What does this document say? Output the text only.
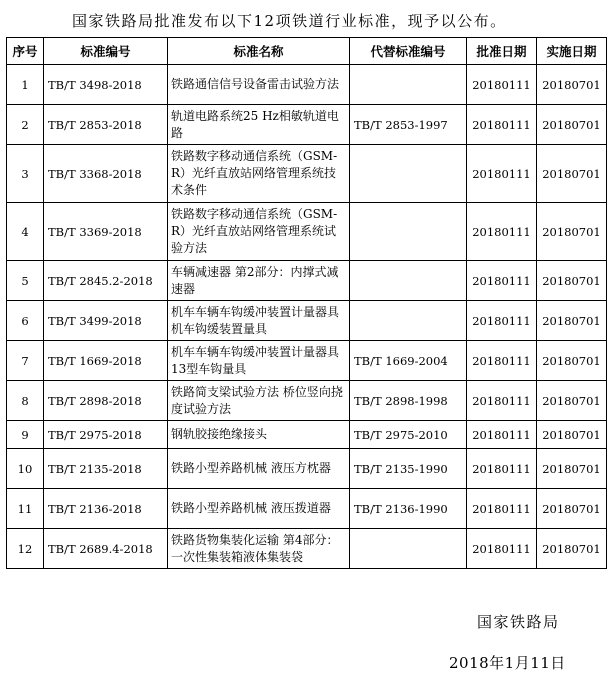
国家铁路局批准发布以下12项铁道行业标准，现予以公布。
序号	标准编号	标准名称	代替标准编号	批准日期	实施日期
1	TB/T 3498-2018	铁路通信信号设备雷击试验方法		20180111	20180701
2	TB/T 2853-2018	轨道电路系统25 Hz相敏轨道电路	TB/T 2853-1997	20180111	20180701
3	TB/T 3368-2018	铁路数字移动通信系统（GSM-R）光纤直放站网络管理系统技术条件		20180111	20180701
4	TB/T 3369-2018	铁路数字移动通信系统（GSM-R）光纤直放站网络管理系统试验方法		20180111	20180701
5	TB/T 2845.2-2018	车辆减速器 第2部分：内撑式减速器		20180111	20180701
6	TB/T 3499-2018	机车车辆车钩缓冲装置计量器具 机车钩缓装置量具		20180111	20180701
7	TB/T 1669-2018	机车车辆车钩缓冲装置计量器具 13型车钩量具	TB/T 1669-2004	20180111	20180701
8	TB/T 2898-2018	铁路简支梁试验方法 桥位竖向挠度试验方法	TB/T 2898-1998	20180111	20180701
9	TB/T 2975-2018	钢轨胶接绝缘接头	TB/T 2975-2010	20180111	20180701
10	TB/T 2135-2018	铁路小型养路机械 液压方枕器	TB/T 2135-1990	20180111	20180701
11	TB/T 2136-2018	铁路小型养路机械 液压拨道器	TB/T 2136-1990	20180111	20180701
12	TB/T 2689.4-2018	铁路货物集装化运输 第4部分：一次性集装箱液体集装袋		20180111	20180701
国家铁路局
2018年1月11日
